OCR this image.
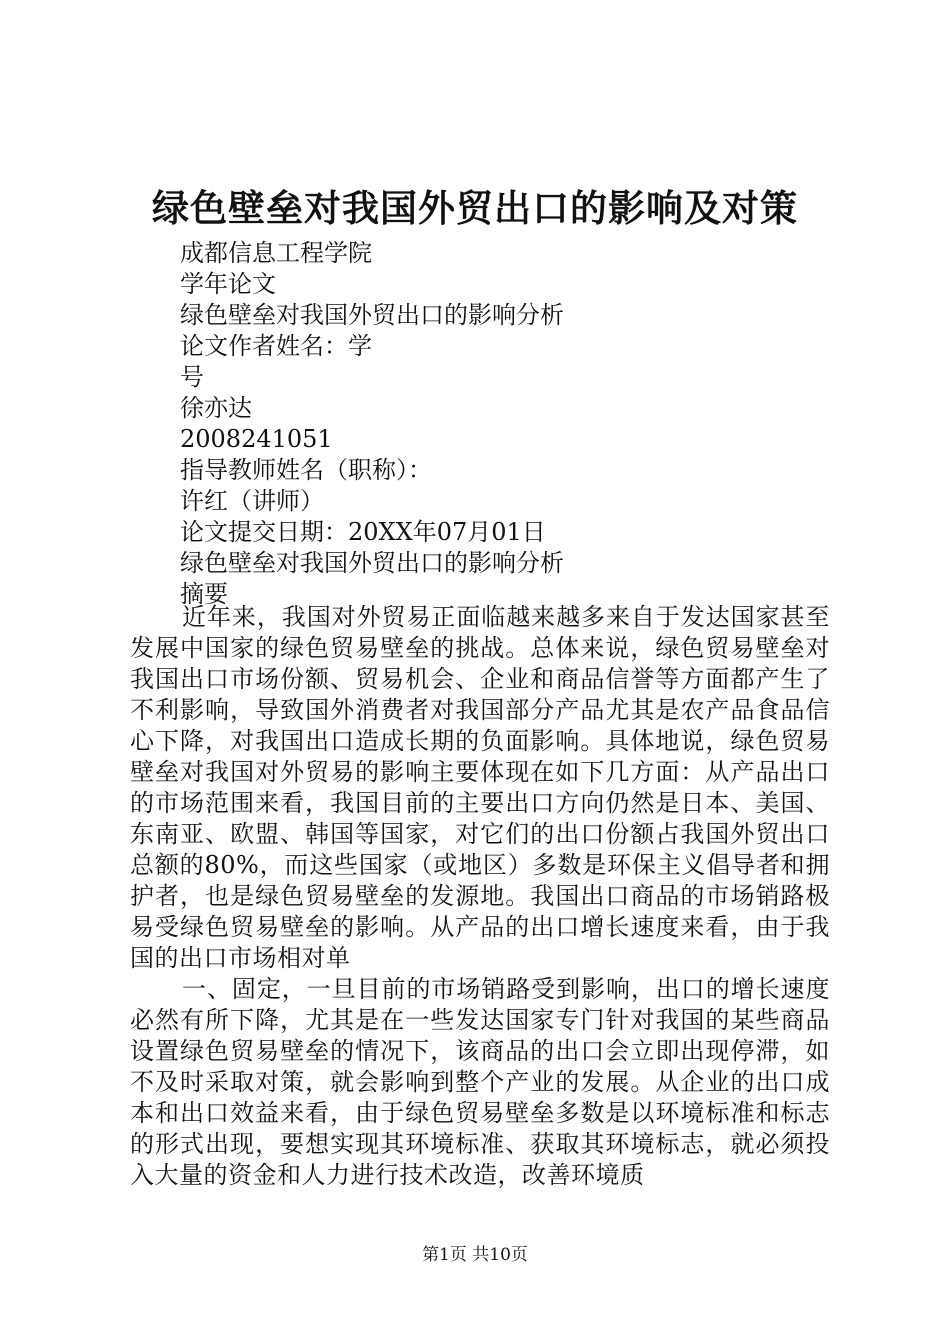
绿色壁垒对我国外贸出口的影响及对策
成都信息工程学院
学年论文
绿色壁垒对我国外贸出口的影响分析
论文作者姓名：学
号
徐亦达
2008241051
指导教师姓名（职称）：
许红（讲师）
论文提交日期：20XX年07月01日
绿色壁垒对我国外贸出口的影响分析
摘要

近年来，我国对外贸易正面临越来越多来自于发达国家甚至发展中国家的绿色贸易壁垒的挑战。总体来说，绿色贸易壁垒对我国出口市场份额、贸易机会、企业和商品信誉等方面都产生了不利影响，导致国外消费者对我国部分产品尤其是农产品食品信心下降，对我国出口造成长期的负面影响。具体地说，绿色贸易壁垒对我国对外贸易的影响主要体现在如下几方面：从产品出口的市场范围来看，我国目前的主要出口方向仍然是日本、美国、东南亚、欧盟、韩国等国家，对它们的出口份额占我国外贸出口总额的80%，而这些国家（或地区）多数是环保主义倡导者和拥护者，也是绿色贸易壁垒的发源地。我国出口商品的市场销路极易受绿色贸易壁垒的影响。从产品的出口增长速度来看，由于我国的出口市场相对单

一、固定，一旦目前的市场销路受到影响，出口的增长速度必然有所下降，尤其是在一些发达国家专门针对我国的某些商品设置绿色贸易壁垒的情况下，该商品的出口会立即出现停滞，如不及时采取对策，就会影响到整个产业的发展。从企业的出口成本和出口效益来看，由于绿色贸易壁垒多数是以环境标准和标志的形式出现，要想实现其环境标准、获取其环境标志，就必须投入大量的资金和人力进行技术改造，改善环境质

第1页 共10页
